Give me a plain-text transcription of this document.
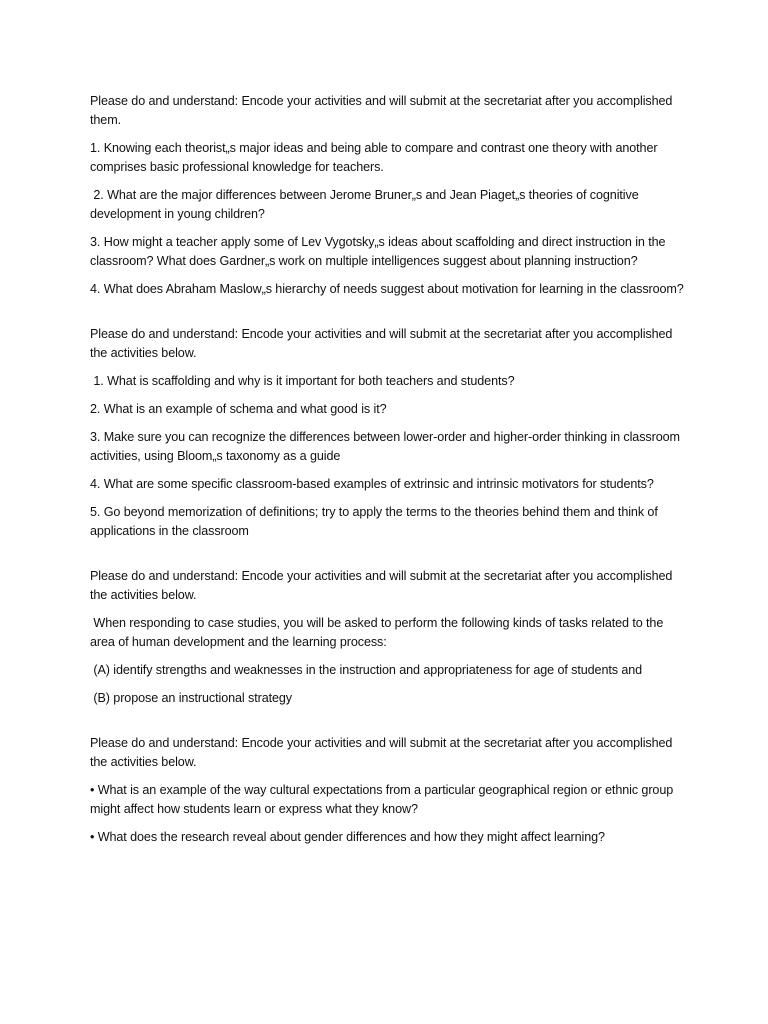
Please do and understand: Encode your activities and will submit at the secretariat after you accomplished them.

1. Knowing each theorist„s major ideas and being able to compare and contrast one theory with another comprises basic professional knowledge for teachers.

2. What are the major differences between Jerome Bruner„s and Jean Piaget„s theories of cognitive development in young children?

3. How might a teacher apply some of Lev Vygotsky„s ideas about scaffolding and direct instruction in the classroom? What does Gardner„s work on multiple intelligences suggest about planning instruction?

4. What does Abraham Maslow„s hierarchy of needs suggest about motivation for learning in the classroom?

Please do and understand: Encode your activities and will submit at the secretariat after you accomplished the activities below.

1. What is scaffolding and why is it important for both teachers and students?

2. What is an example of schema and what good is it?

3. Make sure you can recognize the differences between lower-order and higher-order thinking in classroom activities, using Bloom„s taxonomy as a guide

4. What are some specific classroom-based examples of extrinsic and intrinsic motivators for students?

5. Go beyond memorization of definitions; try to apply the terms to the theories behind them and think of applications in the classroom

Please do and understand: Encode your activities and will submit at the secretariat after you accomplished the activities below.

When responding to case studies, you will be asked to perform the following kinds of tasks related to the area of human development and the learning process:

(A) identify strengths and weaknesses in the instruction and appropriateness for age of students and

(B) propose an instructional strategy

Please do and understand: Encode your activities and will submit at the secretariat after you accomplished the activities below.

• What is an example of the way cultural expectations from a particular geographical region or ethnic group might affect how students learn or express what they know?

• What does the research reveal about gender differences and how they might affect learning?
